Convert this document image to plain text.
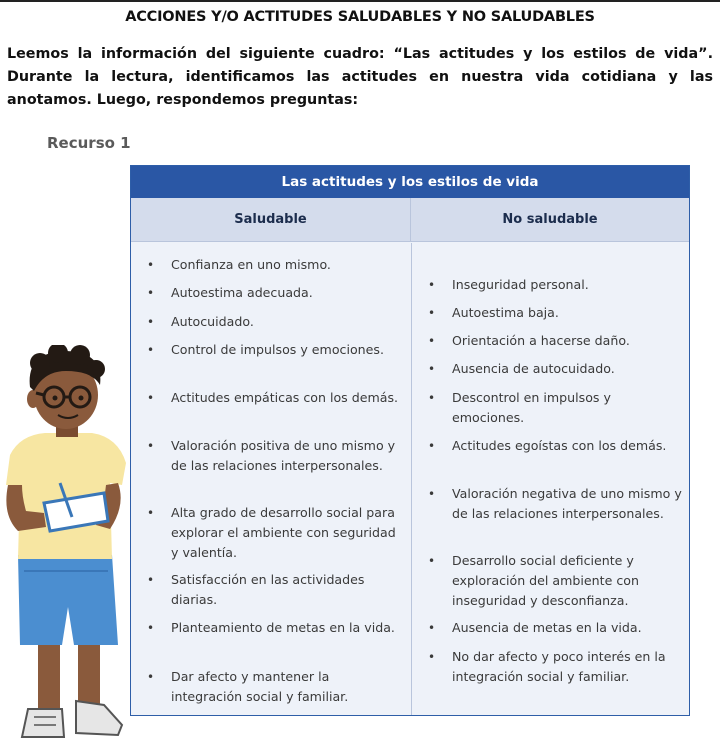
ACCIONES Y/O ACTITUDES SALUDABLES Y NO SALUDABLES

Leemos la información del siguiente cuadro: “Las actitudes y los estilos de vida”. Durante la lectura, identificamos las actitudes en nuestra vida cotidiana y las anotamos. Luego, respondemos preguntas:

Recurso 1
Las actitudes y los estilos de vida
Saludable	No saludable
• Confianza en uno mismo.
• Autoestima adecuada.
• Autocuidado.
• Control de impulsos y emociones.
• Actitudes empáticas con los demás.
• Valoración positiva de uno mismo y de las relaciones interpersonales.
• Alta grado de desarrollo social para explorar el ambiente con seguridad y valentía.
• Satisfacción en las actividades diarias.
• Planteamiento de metas en la vida.
• Dar afecto y mantener la integración social y familiar.
• Inseguridad personal.
• Autoestima baja.
• Orientación a hacerse daño.
• Ausencia de autocuidado.
• Descontrol en impulsos y emociones.
• Actitudes egoístas con los demás.
• Valoración negativa de uno mismo y de las relaciones interpersonales.
• Desarrollo social deficiente y exploración del ambiente con inseguridad y desconfianza.
• Ausencia de metas en la vida.
• No dar afecto y poco interés en la integración social y familiar.
